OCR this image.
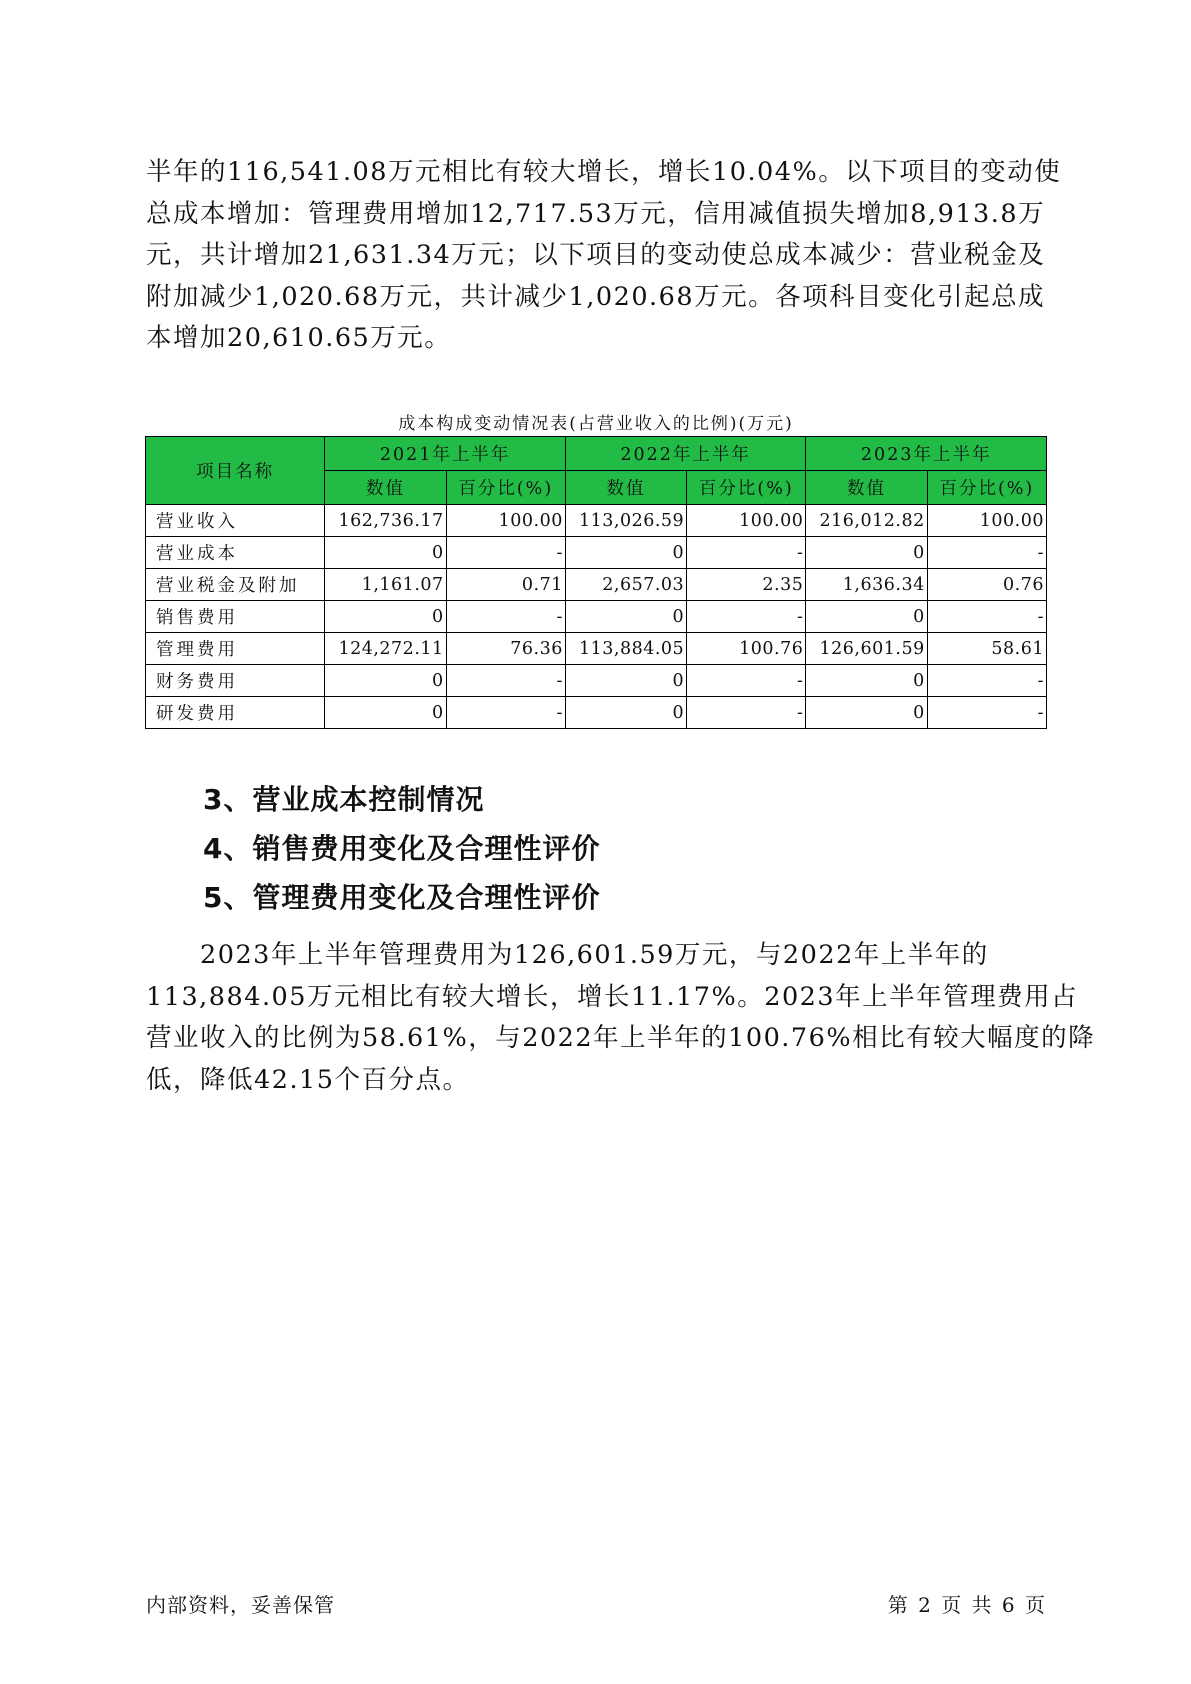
半年的116,541.08万元相比有较大增长，增长10.04%。以下项目的变动使
总成本增加：管理费用增加12,717.53万元，信用减值损失增加8,913.8万
元，共计增加21,631.34万元；以下项目的变动使总成本减少：营业税金及
附加减少1,020.68万元，共计减少1,020.68万元。各项科目变化引起总成
本增加20,610.65万元。

成本构成变动情况表(占营业收入的比例)(万元)
项目名称	2021年上半年		2022年上半年		2023年上半年	
	数值	百分比(%)	数值	百分比(%)	数值	百分比(%)
营业收入	162,736.17	100.00	113,026.59	100.00	216,012.82	100.00
营业成本	0	-	0	-	0	-
营业税金及附加	1,161.07	0.71	2,657.03	2.35	1,636.34	0.76
销售费用	0	-	0	-	0	-
管理费用	124,272.11	76.36	113,884.05	100.76	126,601.59	58.61
财务费用	0	-	0	-	0	-
研发费用	0	-	0	-	0	-
3、营业成本控制情况
4、销售费用变化及合理性评价
5、管理费用变化及合理性评价

2023年上半年管理费用为126,601.59万元，与2022年上半年的
113,884.05万元相比有较大增长，增长11.17%。2023年上半年管理费用占
营业收入的比例为58.61%，与2022年上半年的100.76%相比有较大幅度的降
低，降低42.15个百分点。

内部资料，妥善保管	第 2 页 共 6 页
